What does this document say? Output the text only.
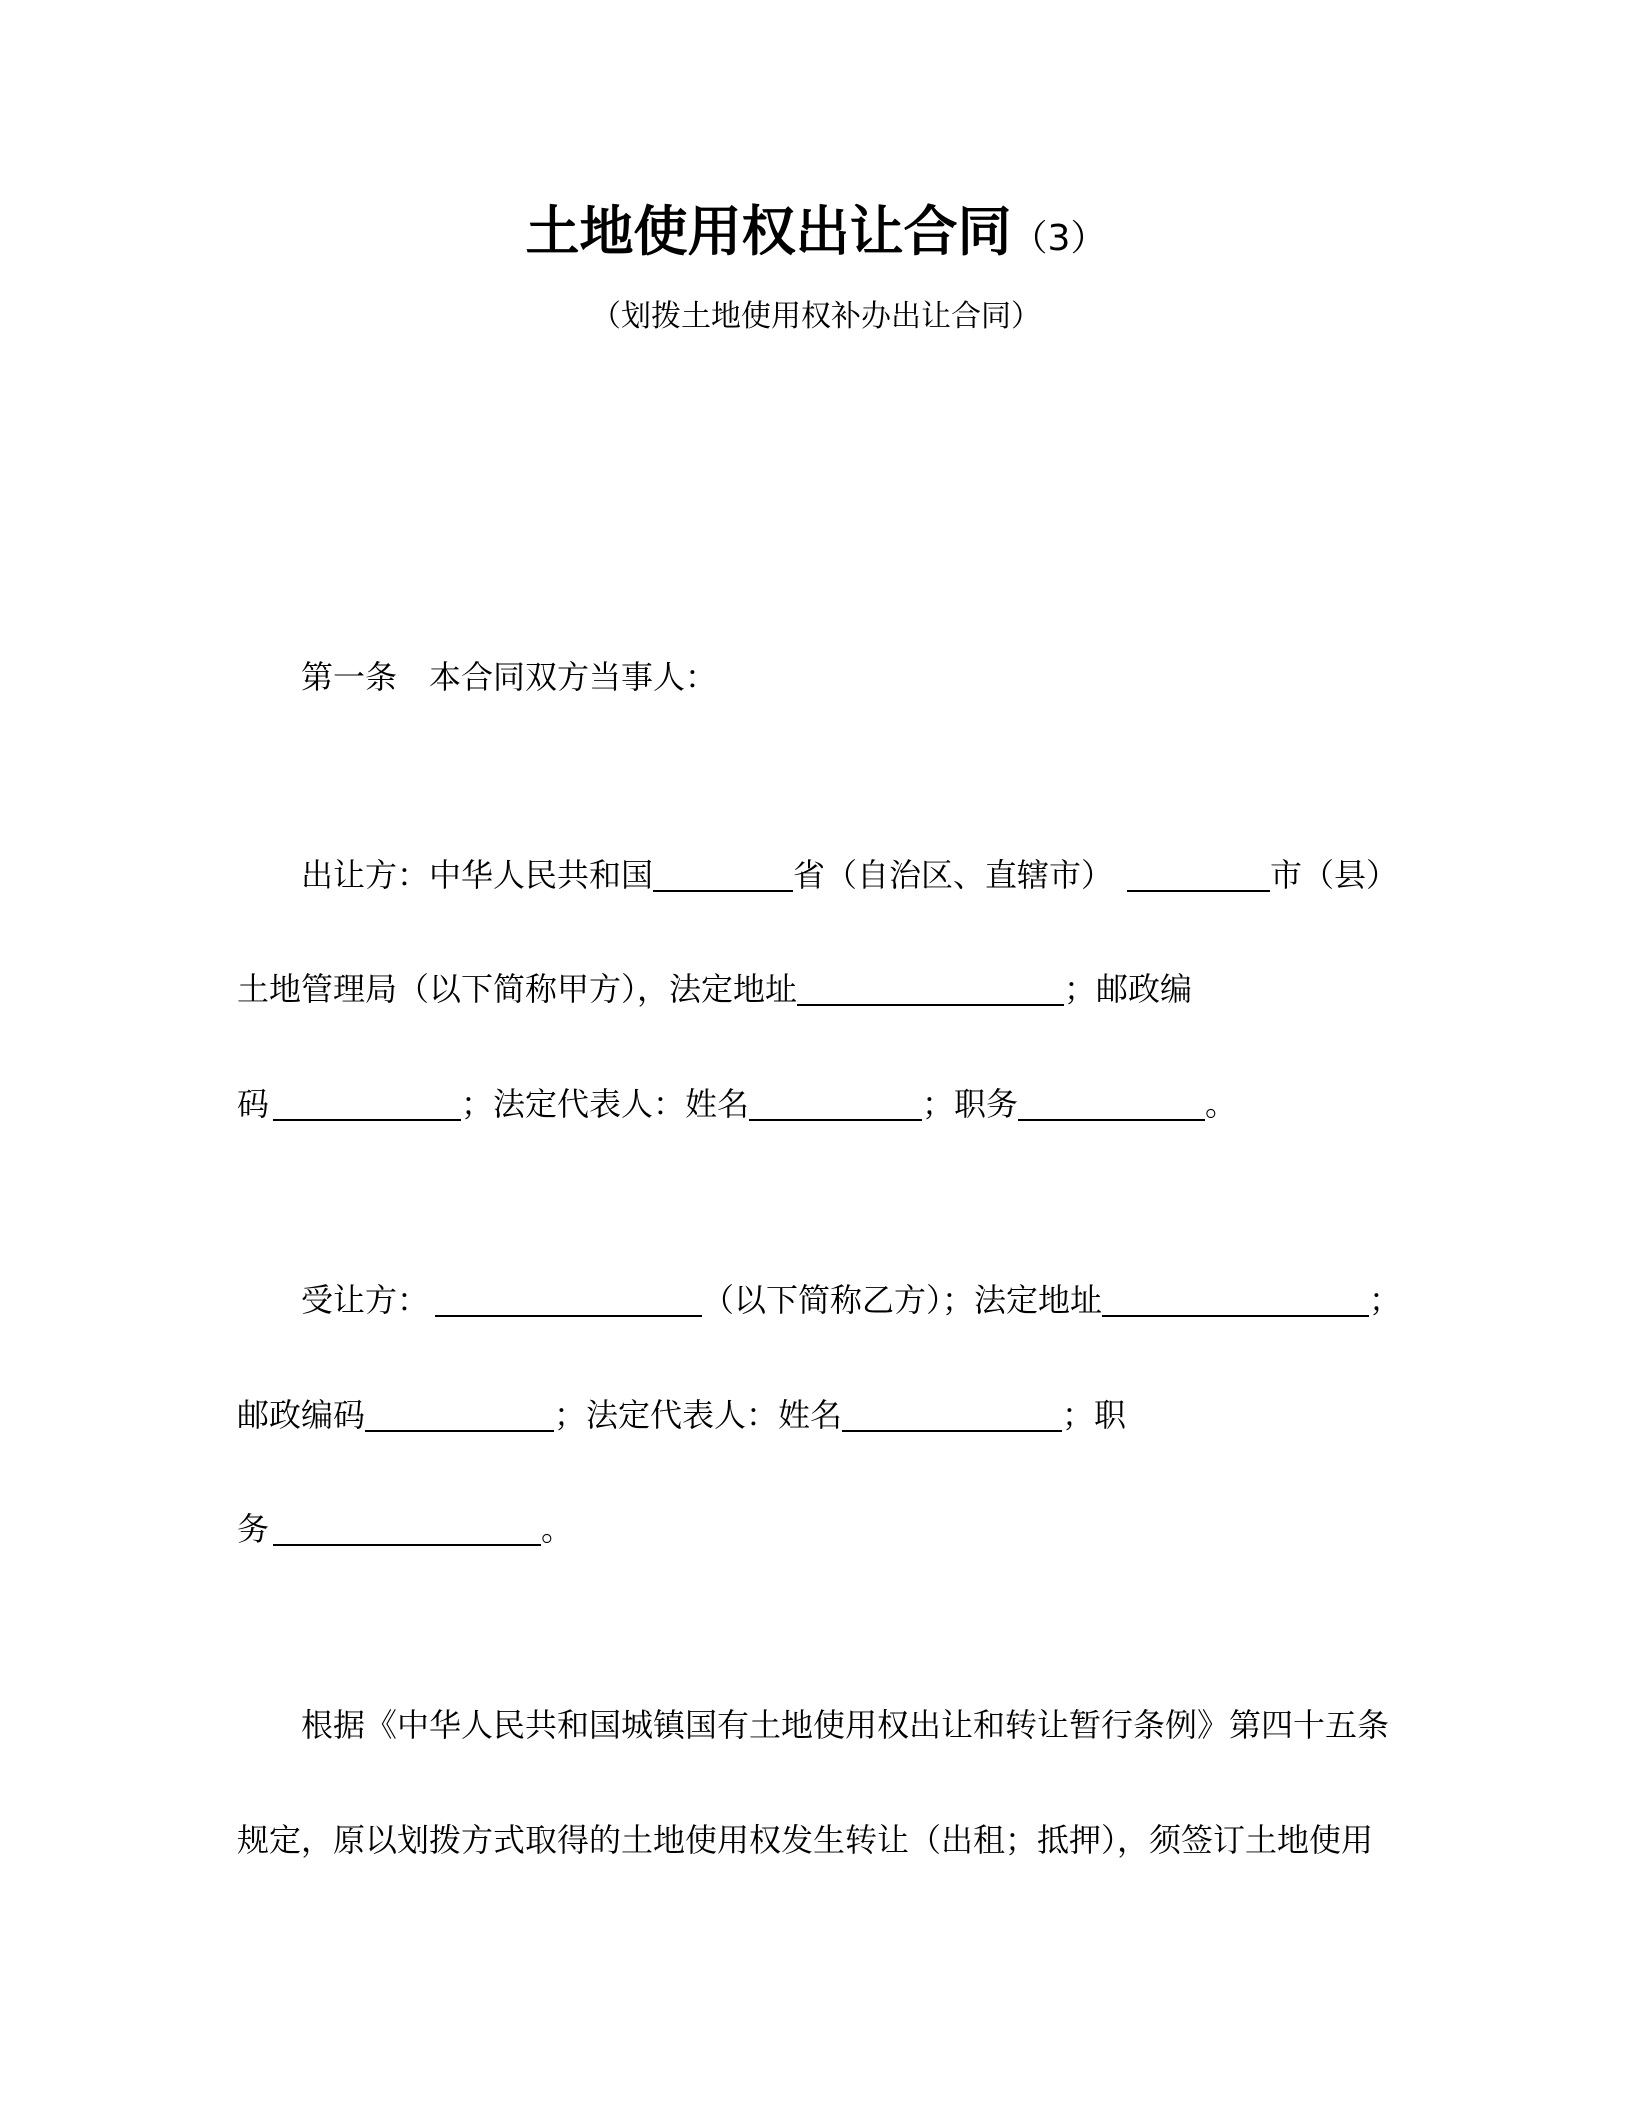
土地使用权出让合同（3）
（划拨土地使用权补办出让合同）
第一条　本合同双方当事人：
出让方：中华人民共和国	省（自治区、直辖市）	市（县）
土地管理局（以下简称甲方），法定地址	；邮政编
码	；法定代表人：姓名	；职务	。
受让方：	（以下简称乙方）；法定地址	；
邮政编码	；法定代表人：姓名	；职
务	。
根据《中华人民共和国城镇国有土地使用权出让和转让暂行条例》第四十五条
规定，原以划拨方式取得的土地使用权发生转让（出租；抵押），须签订土地使用
